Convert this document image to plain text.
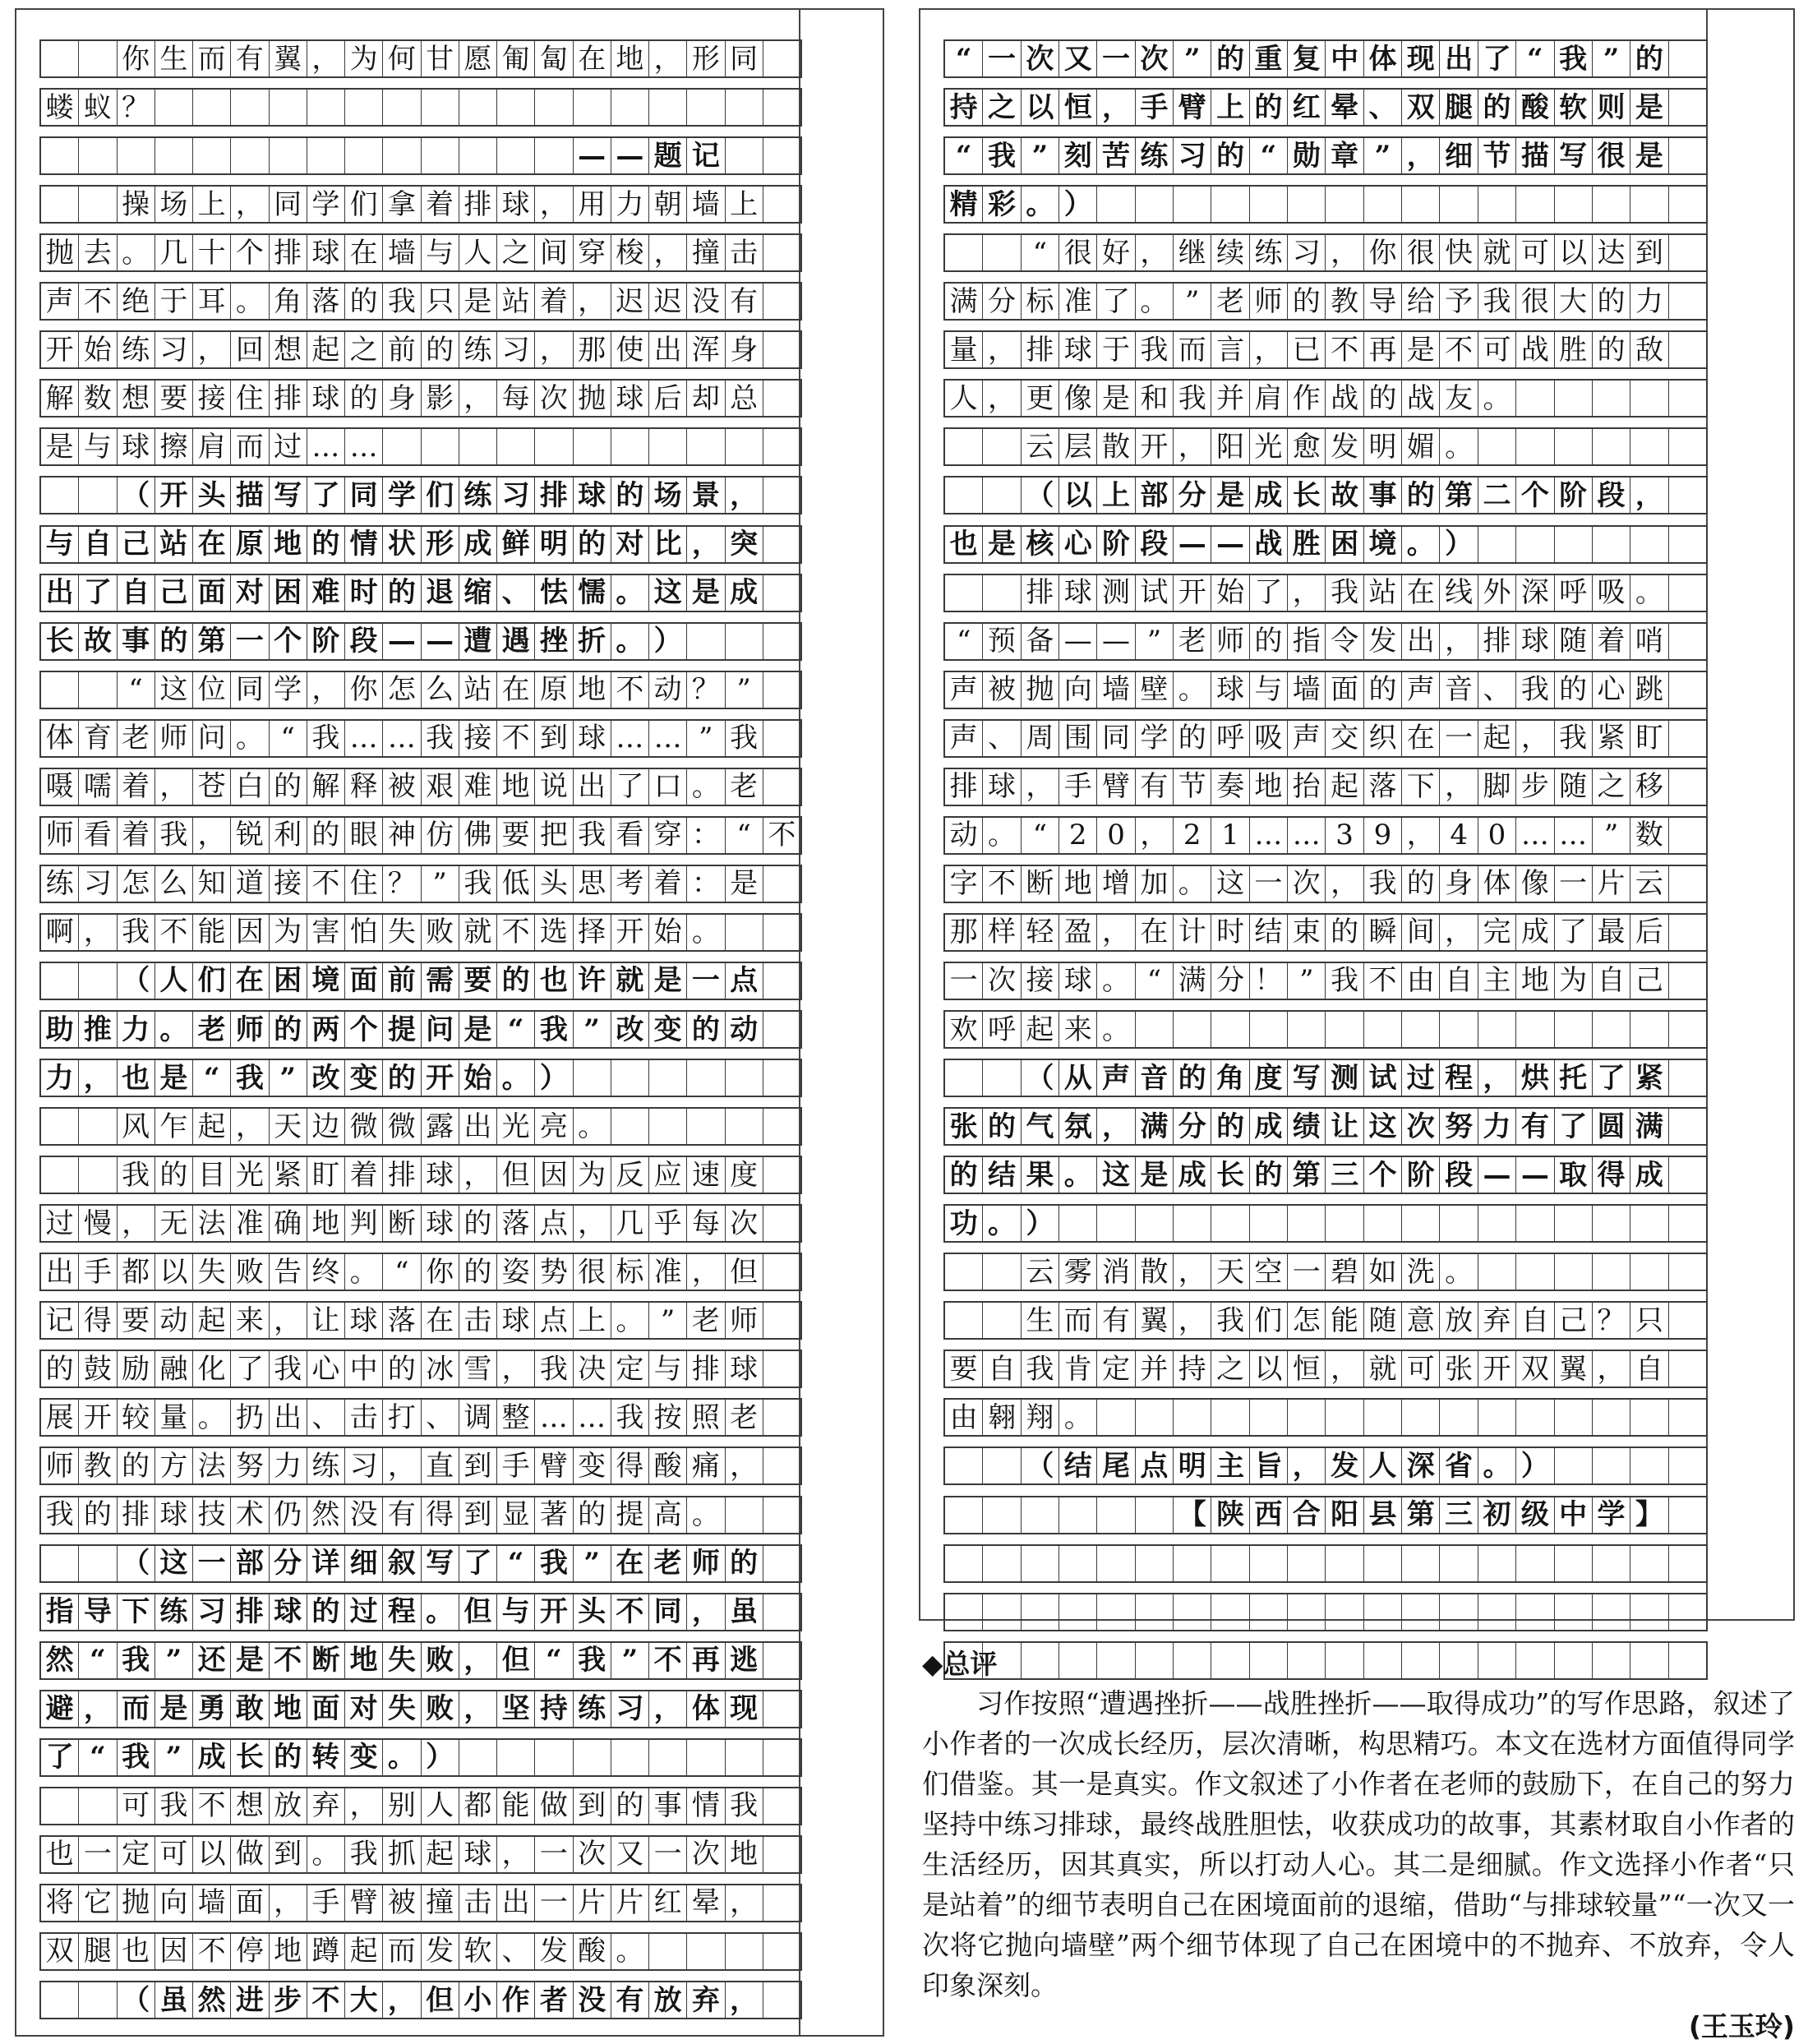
你 生 而 有 翼 ， 为 何 甘 愿 匍 匐 在 地 ， 形 同
蝼 蚁 ？
— — 题 记
操 场 上 ， 同 学 们 拿 着 排 球 ， 用 力 朝 墙 上
抛 去 。 几 十 个 排 球 在 墙 与 人 之 间 穿 梭 ， 撞 击
声 不 绝 于 耳 。 角 落 的 我 只 是 站 着 ， 迟 迟 没 有
开 始 练 习 ， 回 想 起 之 前 的 练 习 ， 那 使 出 浑 身
解 数 想 要 接 住 排 球 的 身 影 ， 每 次 抛 球 后 却 总
是 与 球 擦 肩 而 过 … …
（ 开 头 描 写 了 同 学 们 练 习 排 球 的 场 景 ，
与 自 己 站 在 原 地 的 情 状 形 成 鲜 明 的 对 比 ， 突
出 了 自 己 面 对 困 难 时 的 退 缩 、 怯 懦 。 这 是 成
长 故 事 的 第 一 个 阶 段 — — 遭 遇 挫 折 。 ）
“ 这 位 同 学 ， 你 怎 么 站 在 原 地 不 动 ？ ”
体 育 老 师 问 。 “ 我 … … 我 接 不 到 球 … … ” 我
嗫 嚅 着 ， 苍 白 的 解 释 被 艰 难 地 说 出 了 口 。 老
师 看 着 我 ， 锐 利 的 眼 神 仿 佛 要 把 我 看 穿 ： “ 不
练 习 怎 么 知 道 接 不 住 ？ ” 我 低 头 思 考 着 ： 是
啊 ， 我 不 能 因 为 害 怕 失 败 就 不 选 择 开 始 。
（ 人 们 在 困 境 面 前 需 要 的 也 许 就 是 一 点
助 推 力 。 老 师 的 两 个 提 问 是 “ 我 ” 改 变 的 动
力 ， 也 是 “ 我 ” 改 变 的 开 始 。 ）
风 乍 起 ， 天 边 微 微 露 出 光 亮 。
我 的 目 光 紧 盯 着 排 球 ， 但 因 为 反 应 速 度
过 慢 ， 无 法 准 确 地 判 断 球 的 落 点 ， 几 乎 每 次
出 手 都 以 失 败 告 终 。 “ 你 的 姿 势 很 标 准 ， 但
记 得 要 动 起 来 ， 让 球 落 在 击 球 点 上 。 ” 老 师
的 鼓 励 融 化 了 我 心 中 的 冰 雪 ， 我 决 定 与 排 球
展 开 较 量 。 扔 出 、 击 打 、 调 整 … … 我 按 照 老
师 教 的 方 法 努 力 练 习 ， 直 到 手 臂 变 得 酸 痛 ，
我 的 排 球 技 术 仍 然 没 有 得 到 显 著 的 提 高 。
（ 这 一 部 分 详 细 叙 写 了 “ 我 ” 在 老 师 的
指 导 下 练 习 排 球 的 过 程 。 但 与 开 头 不 同 ， 虽
然 “ 我 ” 还 是 不 断 地 失 败 ， 但 “ 我 ” 不 再 逃
避 ， 而 是 勇 敢 地 面 对 失 败 ， 坚 持 练 习 ， 体 现
了 “ 我 ” 成 长 的 转 变 。 ）
可 我 不 想 放 弃 ， 别 人 都 能 做 到 的 事 情 我
也 一 定 可 以 做 到 。 我 抓 起 球 ， 一 次 又 一 次 地
将 它 抛 向 墙 面 ， 手 臂 被 撞 击 出 一 片 片 红 晕 ，
双 腿 也 因 不 停 地 蹲 起 而 发 软 、 发 酸 。
（ 虽 然 进 步 不 大 ， 但 小 作 者 没 有 放 弃 ，
“ 一 次 又 一 次 ” 的 重 复 中 体 现 出 了 “ 我 ” 的
持 之 以 恒 ， 手 臂 上 的 红 晕 、 双 腿 的 酸 软 则 是
“ 我 ” 刻 苦 练 习 的 “ 勋 章 ” ， 细 节 描 写 很 是
精 彩 。 ）
“ 很 好 ， 继 续 练 习 ， 你 很 快 就 可 以 达 到
满 分 标 准 了 。 ” 老 师 的 教 导 给 予 我 很 大 的 力
量 ， 排 球 于 我 而 言 ， 已 不 再 是 不 可 战 胜 的 敌
人 ， 更 像 是 和 我 并 肩 作 战 的 战 友 。
云 层 散 开 ， 阳 光 愈 发 明 媚 。
（ 以 上 部 分 是 成 长 故 事 的 第 二 个 阶 段 ，
也 是 核 心 阶 段 — — 战 胜 困 境 。 ）
排 球 测 试 开 始 了 ， 我 站 在 线 外 深 呼 吸 。
“ 预 备 — — ” 老 师 的 指 令 发 出 ， 排 球 随 着 哨
声 被 抛 向 墙 壁 。 球 与 墙 面 的 声 音 、 我 的 心 跳
声 、 周 围 同 学 的 呼 吸 声 交 织 在 一 起 ， 我 紧 盯
排 球 ， 手 臂 有 节 奏 地 抬 起 落 下 ， 脚 步 随 之 移
动 。 “ 2 0 ， 2 1 … … 3 9 ， 4 0 … … ” 数
字 不 断 地 增 加 。 这 一 次 ， 我 的 身 体 像 一 片 云
那 样 轻 盈 ， 在 计 时 结 束 的 瞬 间 ， 完 成 了 最 后
一 次 接 球 。 “ 满 分 ！ ” 我 不 由 自 主 地 为 自 己
欢 呼 起 来 。
（ 从 声 音 的 角 度 写 测 试 过 程 ， 烘 托 了 紧
张 的 气 氛 ， 满 分 的 成 绩 让 这 次 努 力 有 了 圆 满
的 结 果 。 这 是 成 长 的 第 三 个 阶 段 — — 取 得 成
功 。 ）
云 雾 消 散 ， 天 空 一 碧 如 洗 。
生 而 有 翼 ， 我 们 怎 能 随 意 放 弃 自 己 ？ 只
要 自 我 肯 定 并 持 之 以 恒 ， 就 可 张 开 双 翼 ， 自
由 翱 翔 。
（ 结 尾 点 明 主 旨 ， 发 人 深 省 。 ）
【 陕 西 合 阳 县 第 三 初 级 中 学 】
◆总评
习作按照“遭遇挫折——战胜挫折——取得成功”的写作思路，叙述了小作者的一次成长经历，层次清晰，构思精巧。本文在选材方面值得同学们借鉴。其一是真实。作文叙述了小作者在老师的鼓励下，在自己的努力坚持中练习排球，最终战胜胆怯，收获成功的故事，其素材取自小作者的生活经历，因其真实，所以打动人心。其二是细腻。作文选择小作者“只是站着”的细节表明自己在困境面前的退缩，借助“与排球较量”“一次又一次将它抛向墙壁”两个细节体现了自己在困境中的不抛弃、不放弃，令人印象深刻。
(王玉玲)
